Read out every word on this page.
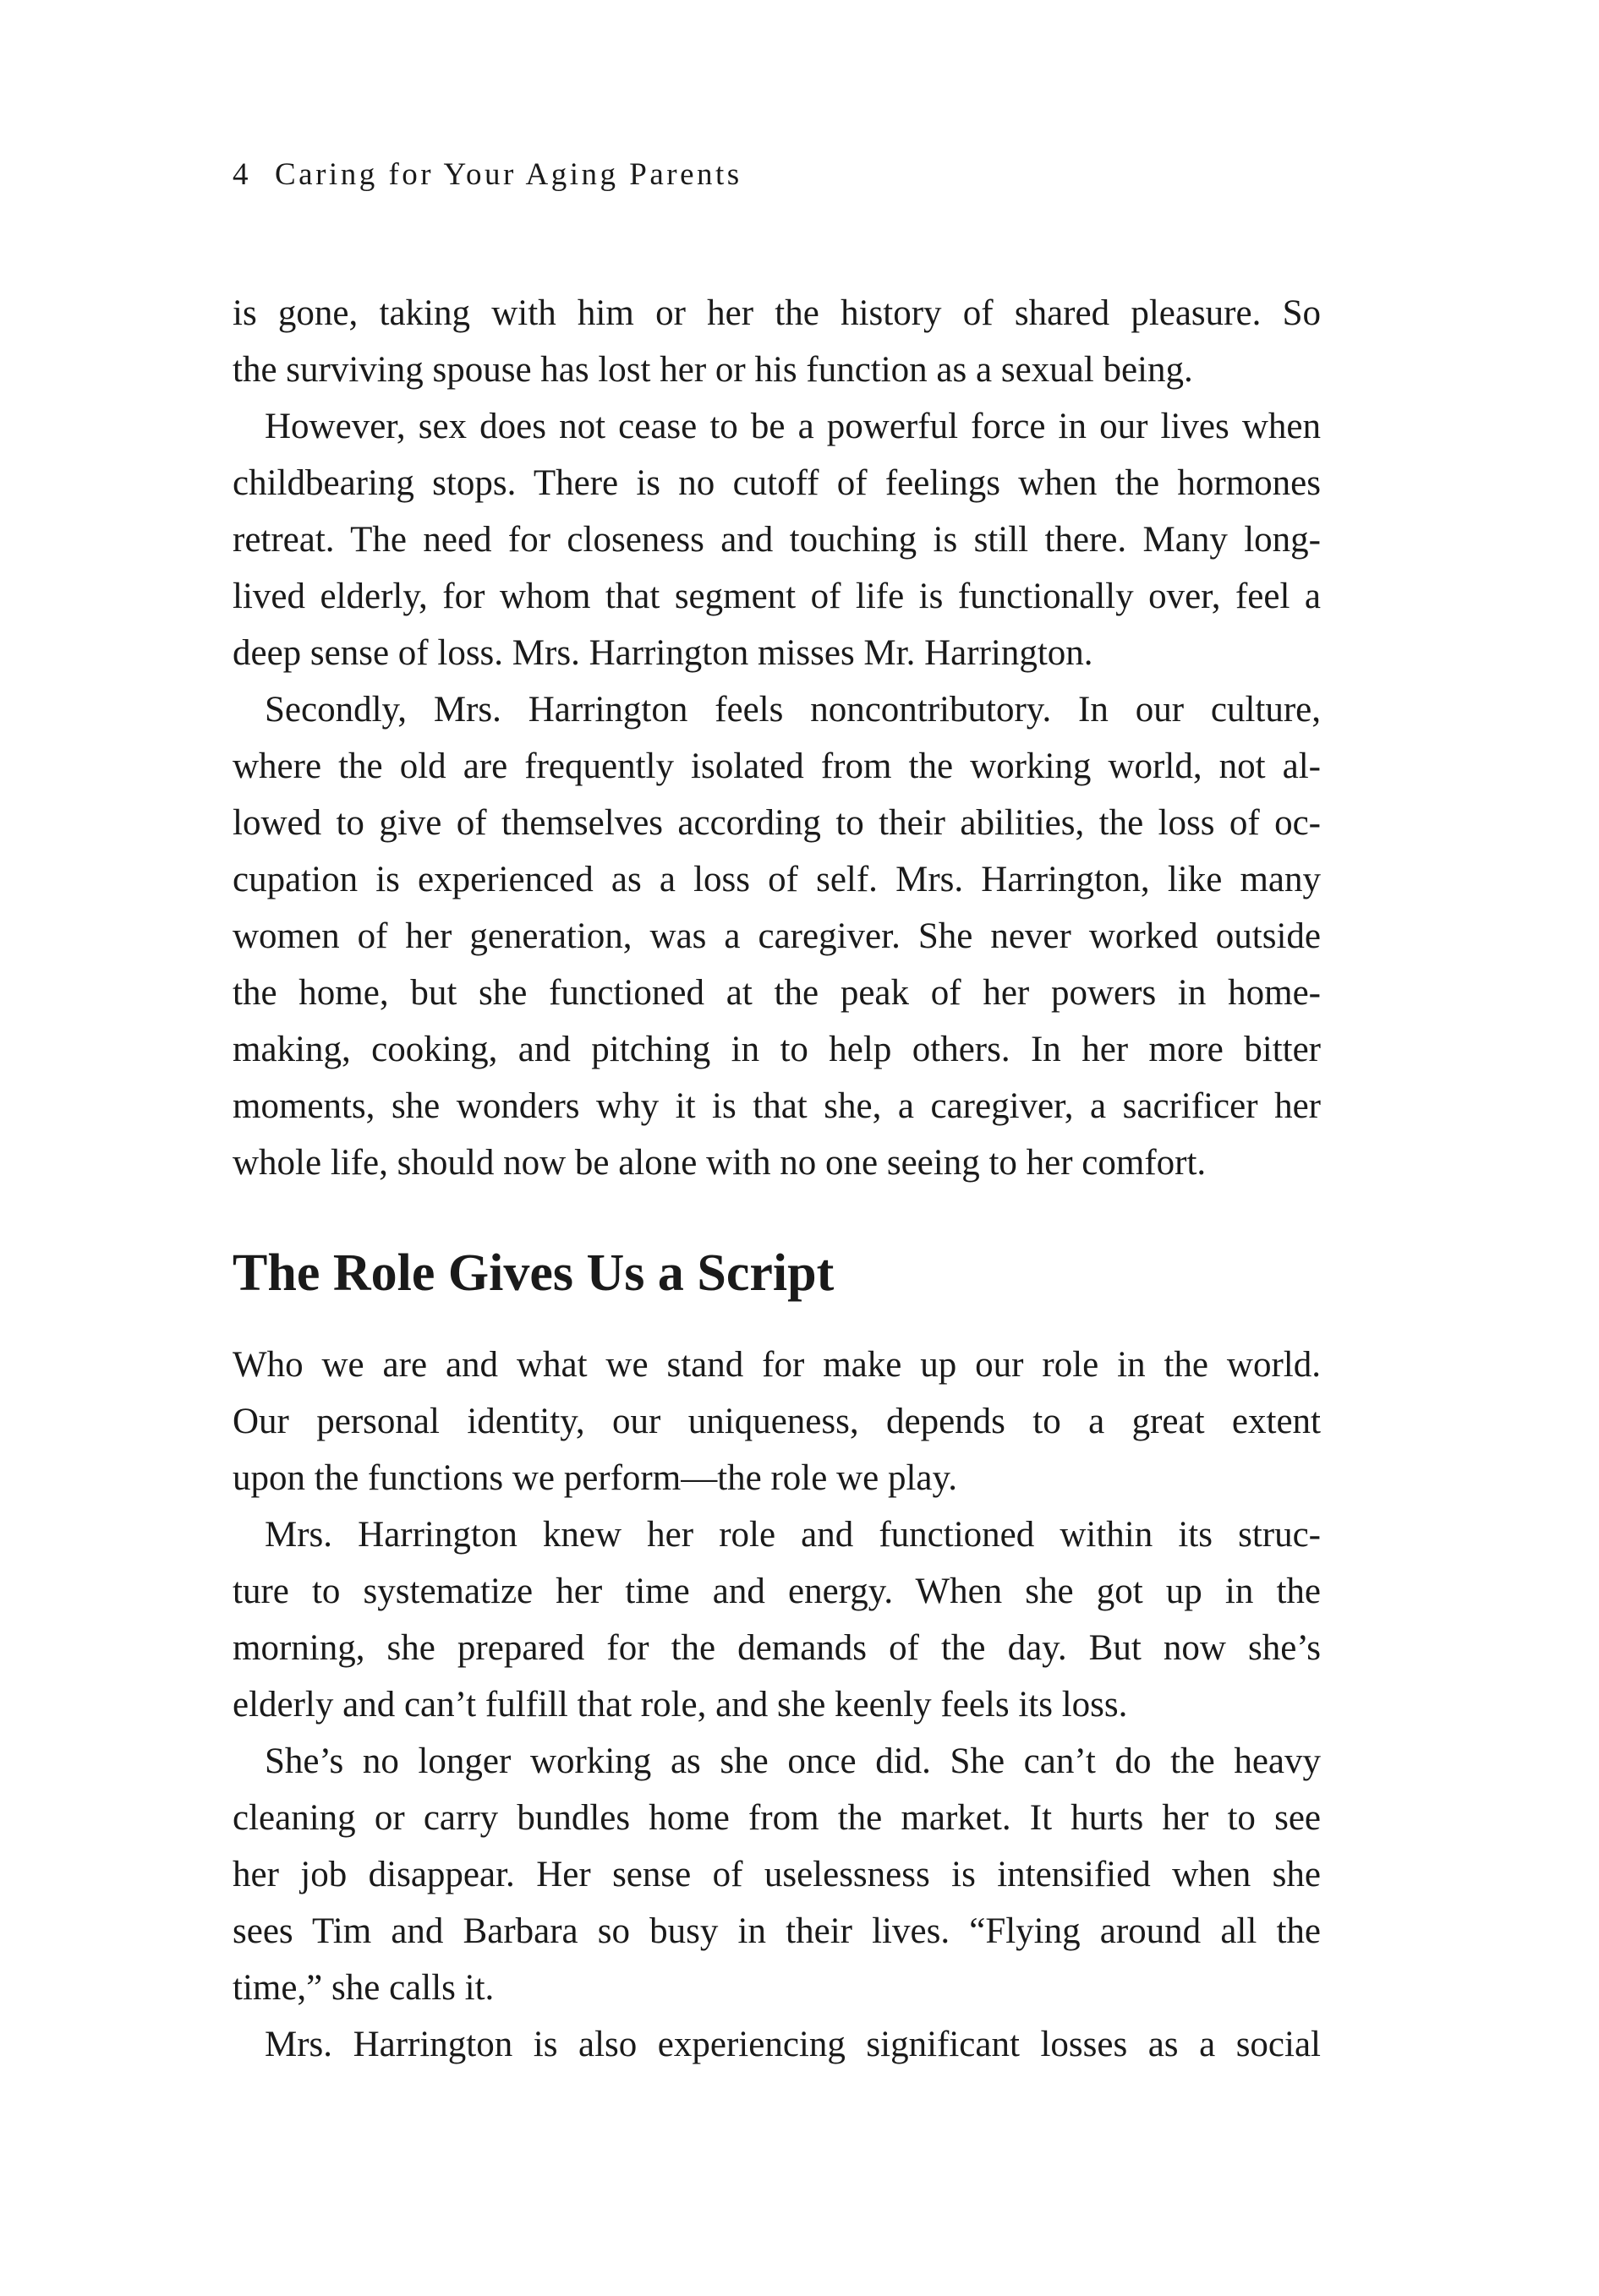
4 Caring for Your Aging Parents
is gone, taking with him or her the history of shared pleasure. So
the surviving spouse has lost her or his function as a sexual being.
However, sex does not cease to be a powerful force in our lives when
childbearing stops. There is no cutoff of feelings when the hormones
retreat. The need for closeness and touching is still there. Many long-
lived elderly, for whom that segment of life is functionally over, feel a
deep sense of loss. Mrs. Harrington misses Mr. Harrington.
Secondly, Mrs. Harrington feels noncontributory. In our culture,
where the old are frequently isolated from the working world, not al-
lowed to give of themselves according to their abilities, the loss of oc-
cupation is experienced as a loss of self. Mrs. Harrington, like many
women of her generation, was a caregiver. She never worked outside
the home, but she functioned at the peak of her powers in home-
making, cooking, and pitching in to help others. In her more bitter
moments, she wonders why it is that she, a caregiver, a sacrificer her
whole life, should now be alone with no one seeing to her comfort.
The Role Gives Us a Script
Who we are and what we stand for make up our role in the world.
Our personal identity, our uniqueness, depends to a great extent
upon the functions we perform—the role we play.
Mrs. Harrington knew her role and functioned within its struc-
ture to systematize her time and energy. When she got up in the
morning, she prepared for the demands of the day. But now she’s
elderly and can’t fulfill that role, and she keenly feels its loss.
She’s no longer working as she once did. She can’t do the heavy
cleaning or carry bundles home from the market. It hurts her to see
her job disappear. Her sense of uselessness is intensified when she
sees Tim and Barbara so busy in their lives. “Flying around all the
time,” she calls it.
Mrs. Harrington is also experiencing significant losses as a social
